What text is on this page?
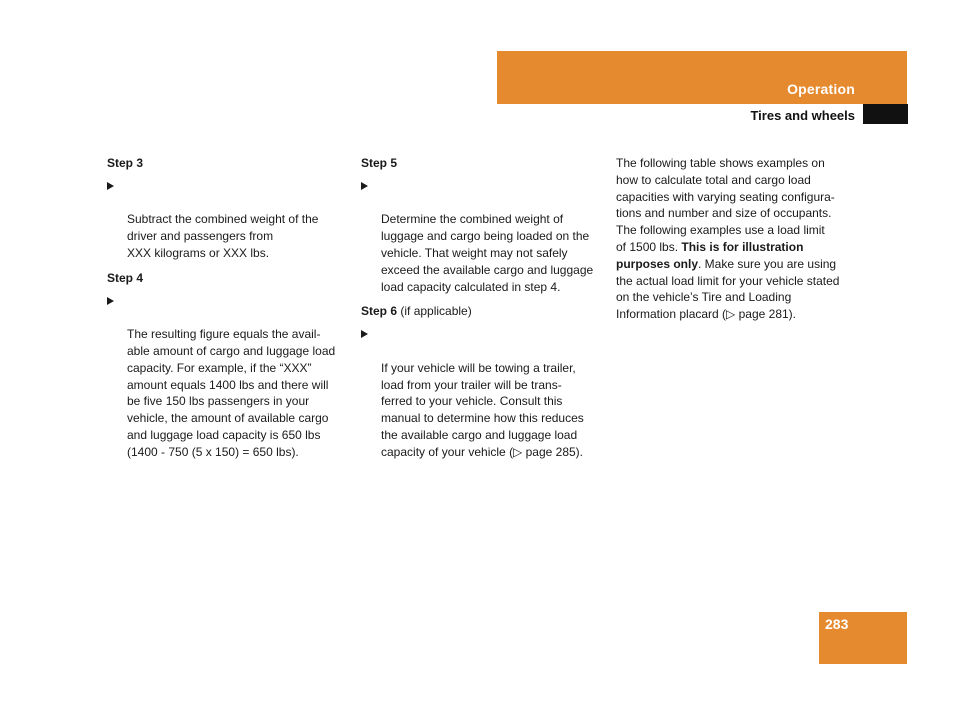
Operation
Tires and wheels

Step 3

Subtract the combined weight of the
driver and passengers from
XXX kilograms or XXX lbs.

Step 4

The resulting figure equals the avail-
able amount of cargo and luggage load
capacity. For example, if the “XXX”
amount equals 1400 lbs and there will
be five 150 lbs passengers in your
vehicle, the amount of available cargo
and luggage load capacity is 650 lbs
(1400 - 750 (5 x 150) = 650 lbs).

Step 5

Determine the combined weight of
luggage and cargo being loaded on the
vehicle. That weight may not safely
exceed the available cargo and luggage
load capacity calculated in step 4.

Step 6 (if applicable)

If your vehicle will be towing a trailer,
load from your trailer will be trans-
ferred to your vehicle. Consult this
manual to determine how this reduces
the available cargo and luggage load
capacity of your vehicle (▷ page 285).

The following table shows examples on
how to calculate total and cargo load
capacities with varying seating configura-
tions and number and size of occupants.
The following examples use a load limit
of 1500 lbs. This is for illustration
purposes only. Make sure you are using
the actual load limit for your vehicle stated
on the vehicle’s Tire and Loading
Information placard (▷ page 281).

283
